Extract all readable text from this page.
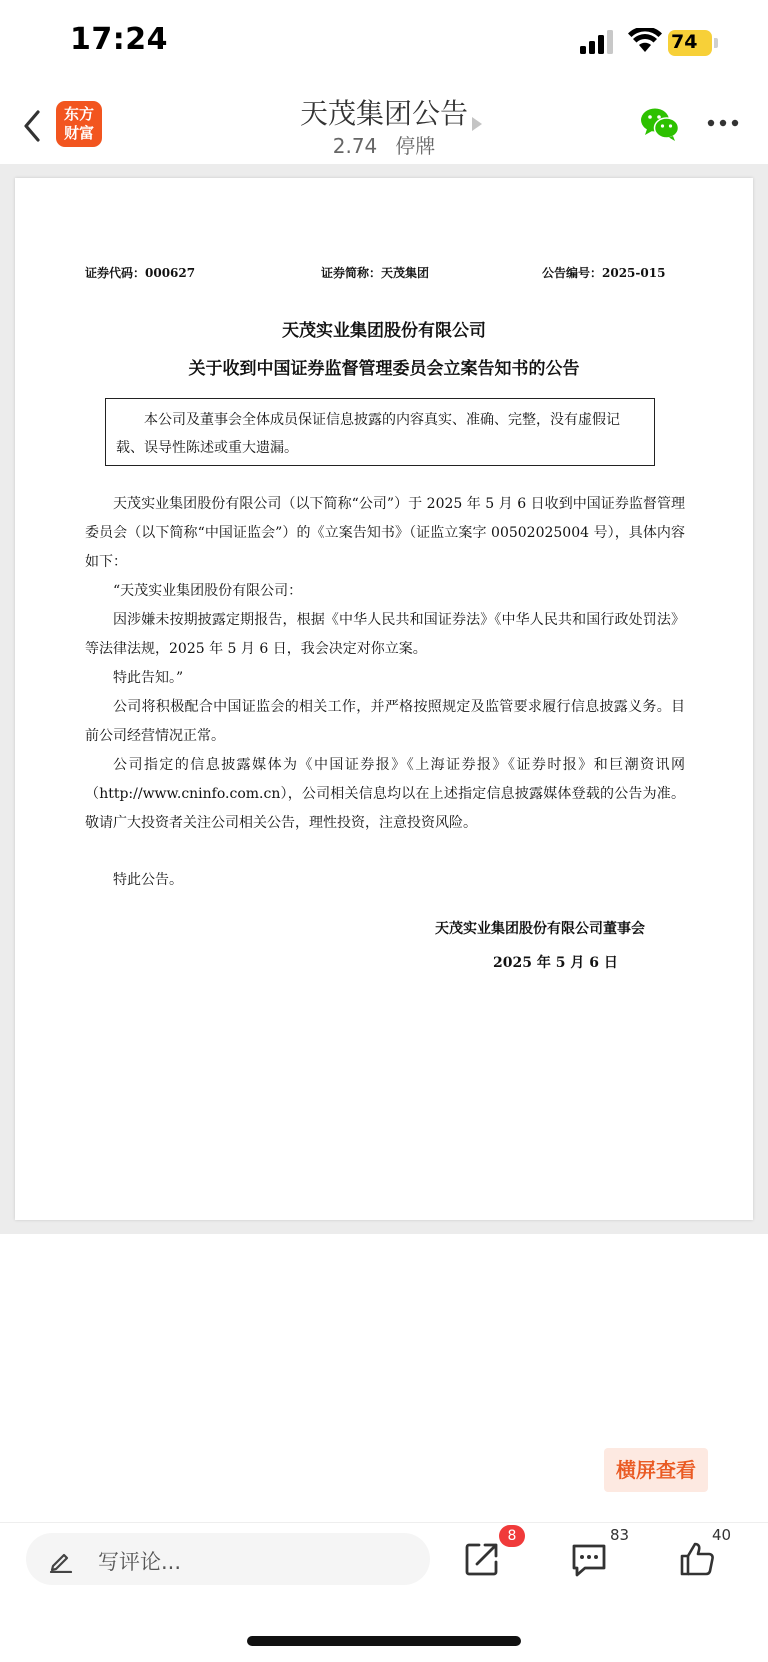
17:24	74
东方
财富
天茂集团公告
2.74 停牌
证券代码：000627	证券简称：天茂集团	公告编号：2025-015
天茂实业集团股份有限公司
关于收到中国证券监督管理委员会立案告知书的公告
本公司及董事会全体成员保证信息披露的内容真实、准确、完整，没有虚假记载、误导性陈述或重大遗漏。

天茂实业集团股份有限公司（以下简称“公司”）于 2025 年 5 月 6 日收到中国证券监督管理委员会（以下简称“中国证监会”）的《立案告知书》（证监立案字 00502025004 号），具体内容如下：

“天茂实业集团股份有限公司：

因涉嫌未按期披露定期报告，根据《中华人民共和国证券法》《中华人民共和国行政处罚法》等法律法规，2025 年 5 月 6 日，我会决定对你立案。

特此告知。”

公司将积极配合中国证监会的相关工作，并严格按照规定及监管要求履行信息披露义务。目前公司经营情况正常。

公司指定的信息披露媒体为《中国证券报》《上海证券报》《证券时报》和巨潮资讯网（http://www.cninfo.com.cn），公司相关信息均以在上述指定信息披露媒体登载的公告为准。敬请广大投资者关注公司相关公告，理性投资，注意投资风险。

特此公告。

天茂实业集团股份有限公司董事会
2025 年 5 月 6 日
横屏查看
写评论...
8	83	40
